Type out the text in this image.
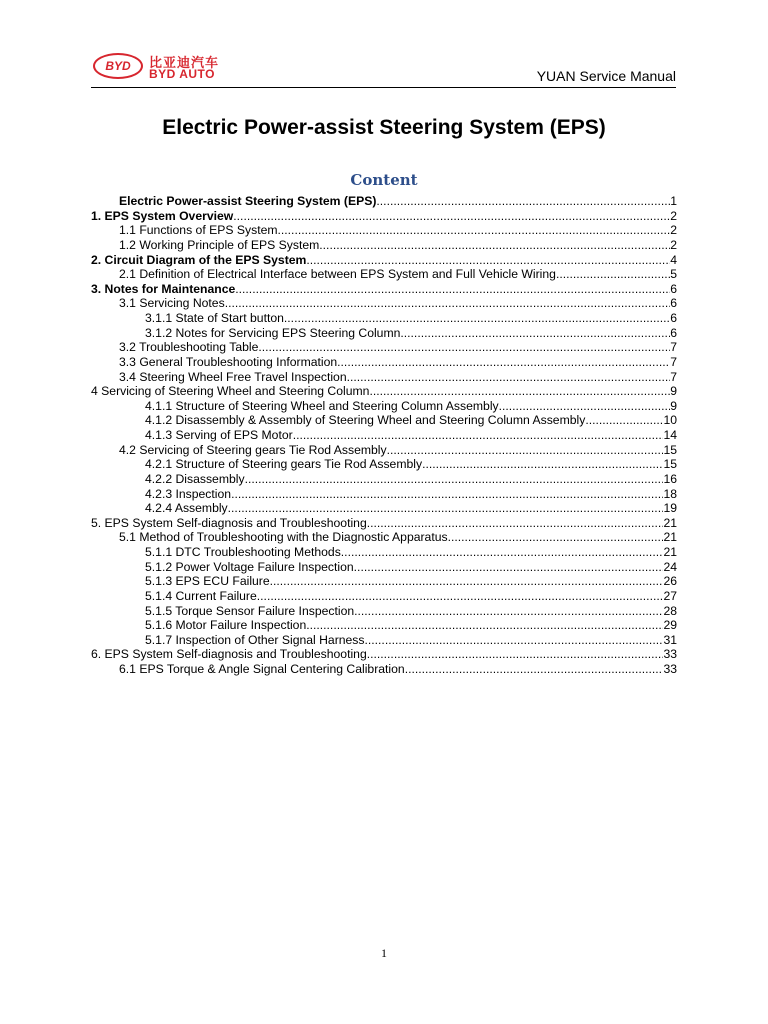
BYD	比亚迪汽车
BYD AUTO	YUAN Service Manual
Electric Power-assist Steering System (EPS)
Content
Electric Power-assist Steering System (EPS) .....	1
1. EPS System Overview .....	2
1.1 Functions of EPS System .....	2
1.2 Working Principle of EPS System .....	2
2. Circuit Diagram of the EPS System .....	4
2.1 Definition of Electrical Interface between EPS System and Full Vehicle Wiring .....	5
3. Notes for Maintenance .....	6
3.1 Servicing Notes .....	6
3.1.1 State of Start button .....	6
3.1.2 Notes for Servicing EPS Steering Column .....	6
3.2 Troubleshooting Table .....	7
3.3 General Troubleshooting Information .....	7
3.4 Steering Wheel Free Travel Inspection .....	7
4 Servicing of Steering Wheel and Steering Column .....	9
4.1.1 Structure of Steering Wheel and Steering Column Assembly .....	9
4.1.2 Disassembly & Assembly of Steering Wheel and Steering Column Assembly .....	10
4.1.3 Serving of EPS Motor .....	14
4.2 Servicing of Steering gears Tie Rod Assembly .....	15
4.2.1 Structure of Steering gears Tie Rod Assembly .....	15
4.2.2 Disassembly .....	16
4.2.3 Inspection .....	18
4.2.4 Assembly .....	19
5. EPS System Self-diagnosis and Troubleshooting .....	21
5.1 Method of Troubleshooting with the Diagnostic Apparatus .....	21
5.1.1 DTC Troubleshooting Methods .....	21
5.1.2 Power Voltage Failure Inspection .....	24
5.1.3 EPS ECU Failure .....	26
5.1.4 Current Failure .....	27
5.1.5 Torque Sensor Failure Inspection .....	28
5.1.6 Motor Failure Inspection .....	29
5.1.7 Inspection of Other Signal Harness .....	31
6. EPS System Self-diagnosis and Troubleshooting .....	33
6.1 EPS Torque & Angle Signal Centering Calibration .....	33
1
